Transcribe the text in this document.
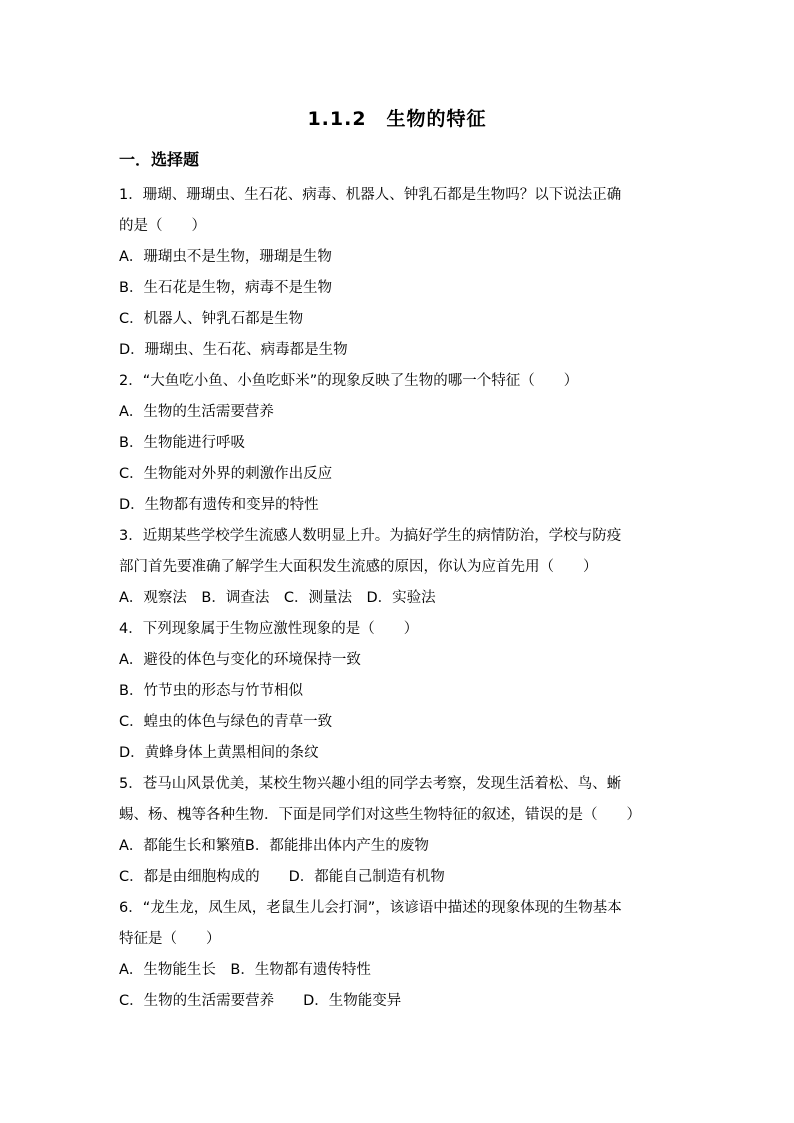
1.1.2　生物的特征
一．选择题
1．珊瑚、珊瑚虫、生石花、病毒、机器人、钟乳石都是生物吗？以下说法正确
的是（　　）
A．珊瑚虫不是生物，珊瑚是生物
B．生石花是生物，病毒不是生物
C．机器人、钟乳石都是生物
D．珊瑚虫、生石花、病毒都是生物
2．“大鱼吃小鱼、小鱼吃虾米”的现象反映了生物的哪一个特征（　　）
A．生物的生活需要营养
B．生物能进行呼吸
C．生物能对外界的刺激作出反应
D．生物都有遗传和变异的特性
3．近期某些学校学生流感人数明显上升。为搞好学生的病情防治，学校与防疫
部门首先要准确了解学生大面积发生流感的原因，你认为应首先用（　　）
A．观察法　B．调查法　C．测量法　D．实验法
4．下列现象属于生物应激性现象的是（　　）
A．避役的体色与变化的环境保持一致
B．竹节虫的形态与竹节相似
C．蝗虫的体色与绿色的青草一致
D．黄蜂身体上黄黑相间的条纹
5．苍马山风景优美，某校生物兴趣小组的同学去考察，发现生活着松、鸟、蜥
蜴、杨、槐等各种生物．下面是同学们对这些生物特征的叙述，错误的是（　　）
A．都能生长和繁殖B．都能排出体内产生的废物
C．都是由细胞构成的　　D．都能自己制造有机物
6．“龙生龙，凤生凤，老鼠生儿会打洞”，该谚语中描述的现象体现的生物基本
特征是（　　）
A．生物能生长　B．生物都有遗传特性
C．生物的生活需要营养　　D．生物能变异
